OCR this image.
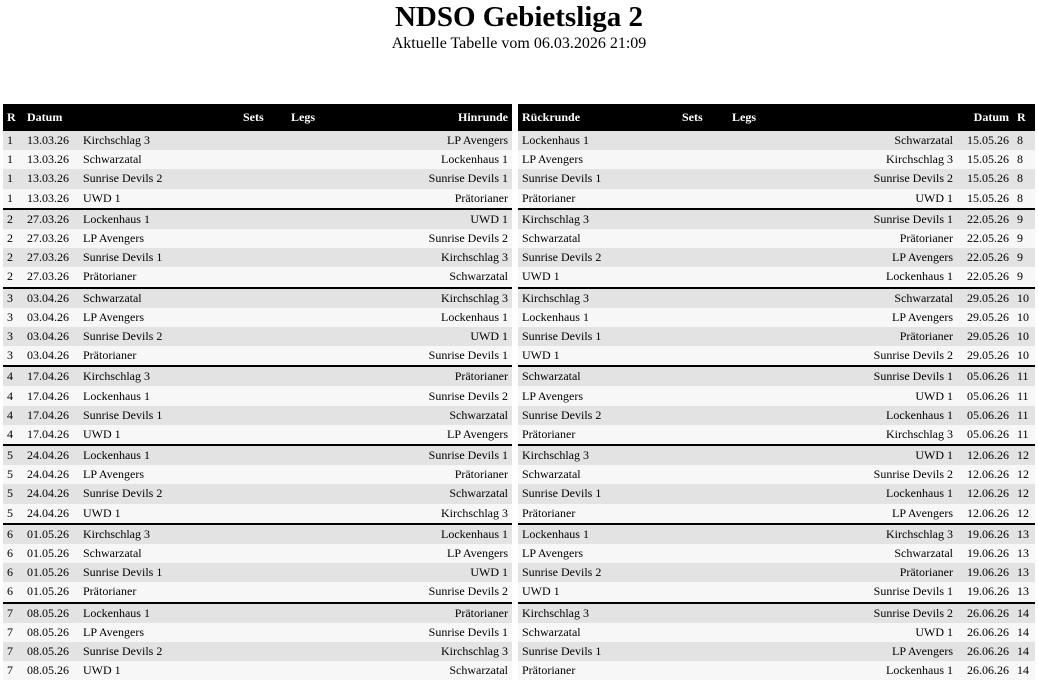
NDSO Gebietsliga 2
Aktuelle Tabelle vom 06.03.2026 21:09
R	Datum		Sets	Legs	Hinrunde
1	13.03.26	Kirchschlag 3			LP Avengers
1	13.03.26	Schwarzatal			Lockenhaus 1
1	13.03.26	Sunrise Devils 2			Sunrise Devils 1
1	13.03.26	UWD 1			Prätorianer
2	27.03.26	Lockenhaus 1			UWD 1
2	27.03.26	LP Avengers			Sunrise Devils 2
2	27.03.26	Sunrise Devils 1			Kirchschlag 3
2	27.03.26	Prätorianer			Schwarzatal
3	03.04.26	Schwarzatal			Kirchschlag 3
3	03.04.26	LP Avengers			Lockenhaus 1
3	03.04.26	Sunrise Devils 2			UWD 1
3	03.04.26	Prätorianer			Sunrise Devils 1
4	17.04.26	Kirchschlag 3			Prätorianer
4	17.04.26	Lockenhaus 1			Sunrise Devils 2
4	17.04.26	Sunrise Devils 1			Schwarzatal
4	17.04.26	UWD 1			LP Avengers
5	24.04.26	Lockenhaus 1			Sunrise Devils 1
5	24.04.26	LP Avengers			Prätorianer
5	24.04.26	Sunrise Devils 2			Schwarzatal
5	24.04.26	UWD 1			Kirchschlag 3
6	01.05.26	Kirchschlag 3			Lockenhaus 1
6	01.05.26	Schwarzatal			LP Avengers
6	01.05.26	Sunrise Devils 1			UWD 1
6	01.05.26	Prätorianer			Sunrise Devils 2
7	08.05.26	Lockenhaus 1			Prätorianer
7	08.05.26	LP Avengers			Sunrise Devils 1
7	08.05.26	Sunrise Devils 2			Kirchschlag 3
7	08.05.26	UWD 1			Schwarzatal
Rückrunde	Sets	Legs		Datum	R
Lockenhaus 1			Schwarzatal	15.05.26	8
LP Avengers			Kirchschlag 3	15.05.26	8
Sunrise Devils 1			Sunrise Devils 2	15.05.26	8
Prätorianer			UWD 1	15.05.26	8
Kirchschlag 3			Sunrise Devils 1	22.05.26	9
Schwarzatal			Prätorianer	22.05.26	9
Sunrise Devils 2			LP Avengers	22.05.26	9
UWD 1			Lockenhaus 1	22.05.26	9
Kirchschlag 3			Schwarzatal	29.05.26	10
Lockenhaus 1			LP Avengers	29.05.26	10
Sunrise Devils 1			Prätorianer	29.05.26	10
UWD 1			Sunrise Devils 2	29.05.26	10
Schwarzatal			Sunrise Devils 1	05.06.26	11
LP Avengers			UWD 1	05.06.26	11
Sunrise Devils 2			Lockenhaus 1	05.06.26	11
Prätorianer			Kirchschlag 3	05.06.26	11
Kirchschlag 3			UWD 1	12.06.26	12
Schwarzatal			Sunrise Devils 2	12.06.26	12
Sunrise Devils 1			Lockenhaus 1	12.06.26	12
Prätorianer			LP Avengers	12.06.26	12
Lockenhaus 1			Kirchschlag 3	19.06.26	13
LP Avengers			Schwarzatal	19.06.26	13
Sunrise Devils 2			Prätorianer	19.06.26	13
UWD 1			Sunrise Devils 1	19.06.26	13
Kirchschlag 3			Sunrise Devils 2	26.06.26	14
Schwarzatal			UWD 1	26.06.26	14
Sunrise Devils 1			LP Avengers	26.06.26	14
Prätorianer			Lockenhaus 1	26.06.26	14
